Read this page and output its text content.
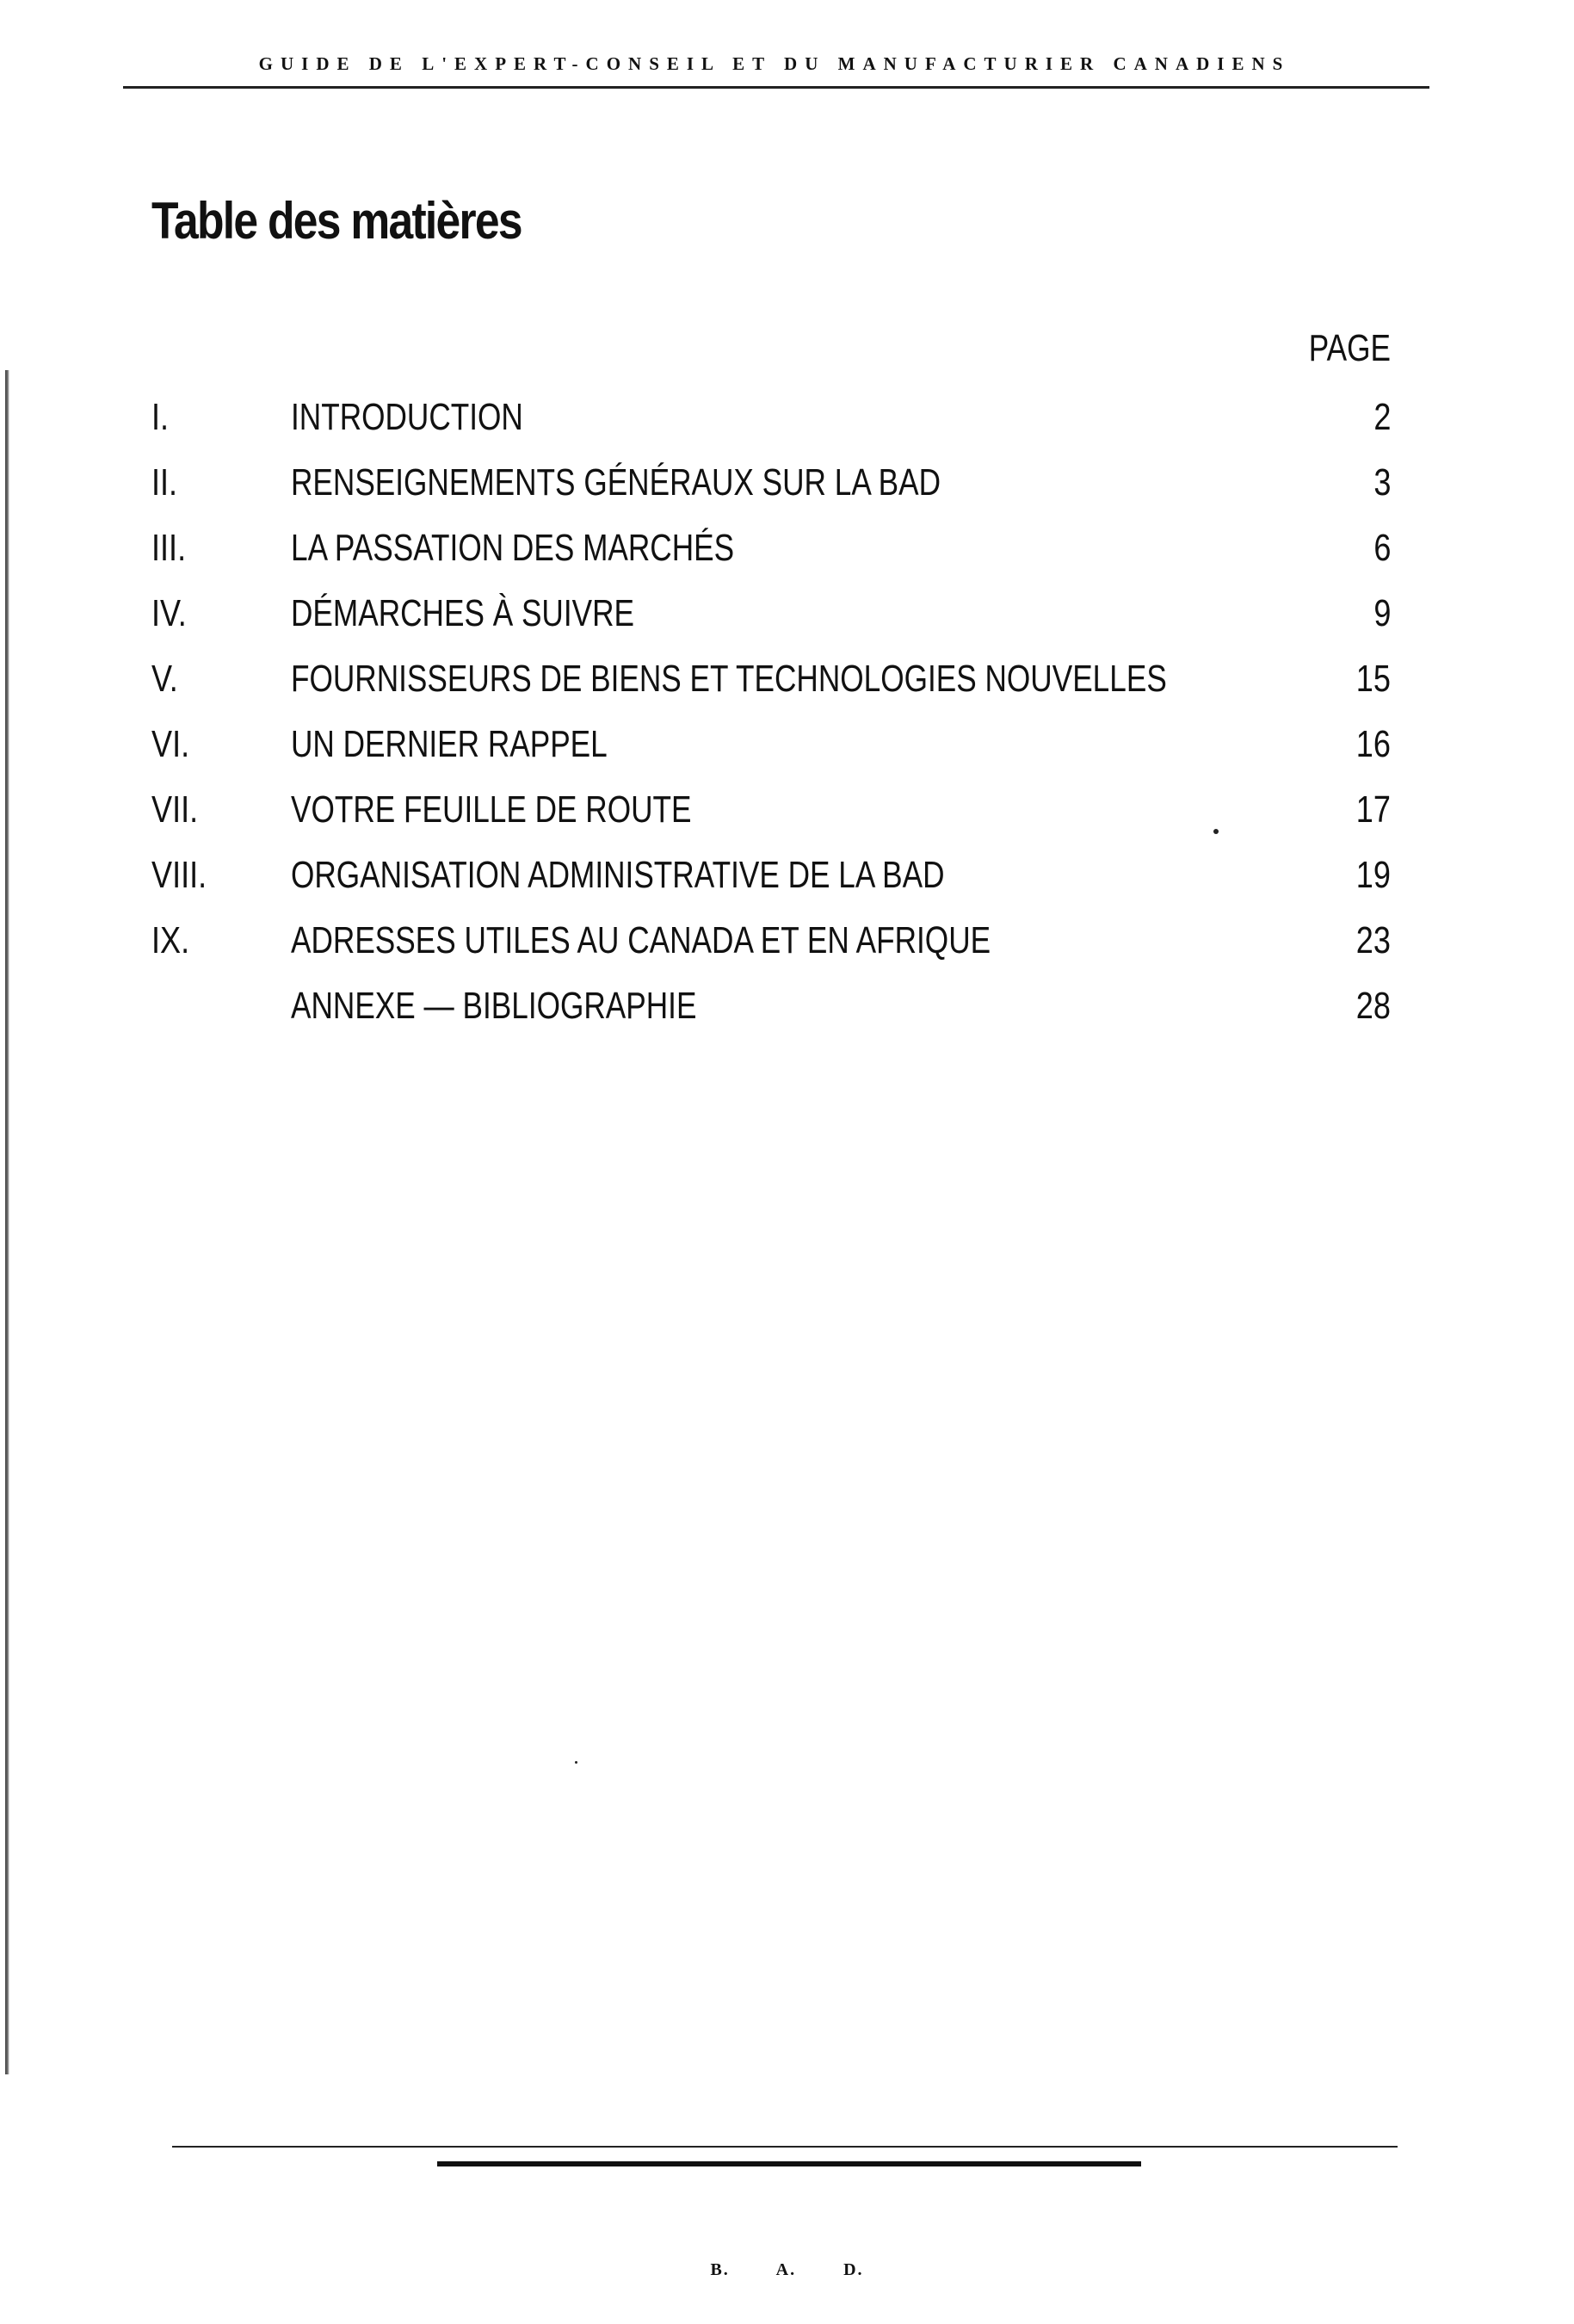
GUIDE DE L'EXPERT-CONSEIL ET DU MANUFACTURIER CANADIENS
Table des matières
PAGE
I.	INTRODUCTION	2
II.	RENSEIGNEMENTS GÉNÉRAUX SUR LA BAD	3
III.	LA PASSATION DES MARCHÉS	6
IV.	DÉMARCHES À SUIVRE	9
V.	FOURNISSEURS DE BIENS ET TECHNOLOGIES NOUVELLES	15
VI.	UN DERNIER RAPPEL	16
VII. VOTRE FEUILLE DE ROUTE	17
VIII. ORGANISATION ADMINISTRATIVE DE LA BAD	19
IX.	ADRESSES UTILES AU CANADA ET EN AFRIQUE	23
ANNEXE — BIBLIOGRAPHIE	28
B. A. D.
